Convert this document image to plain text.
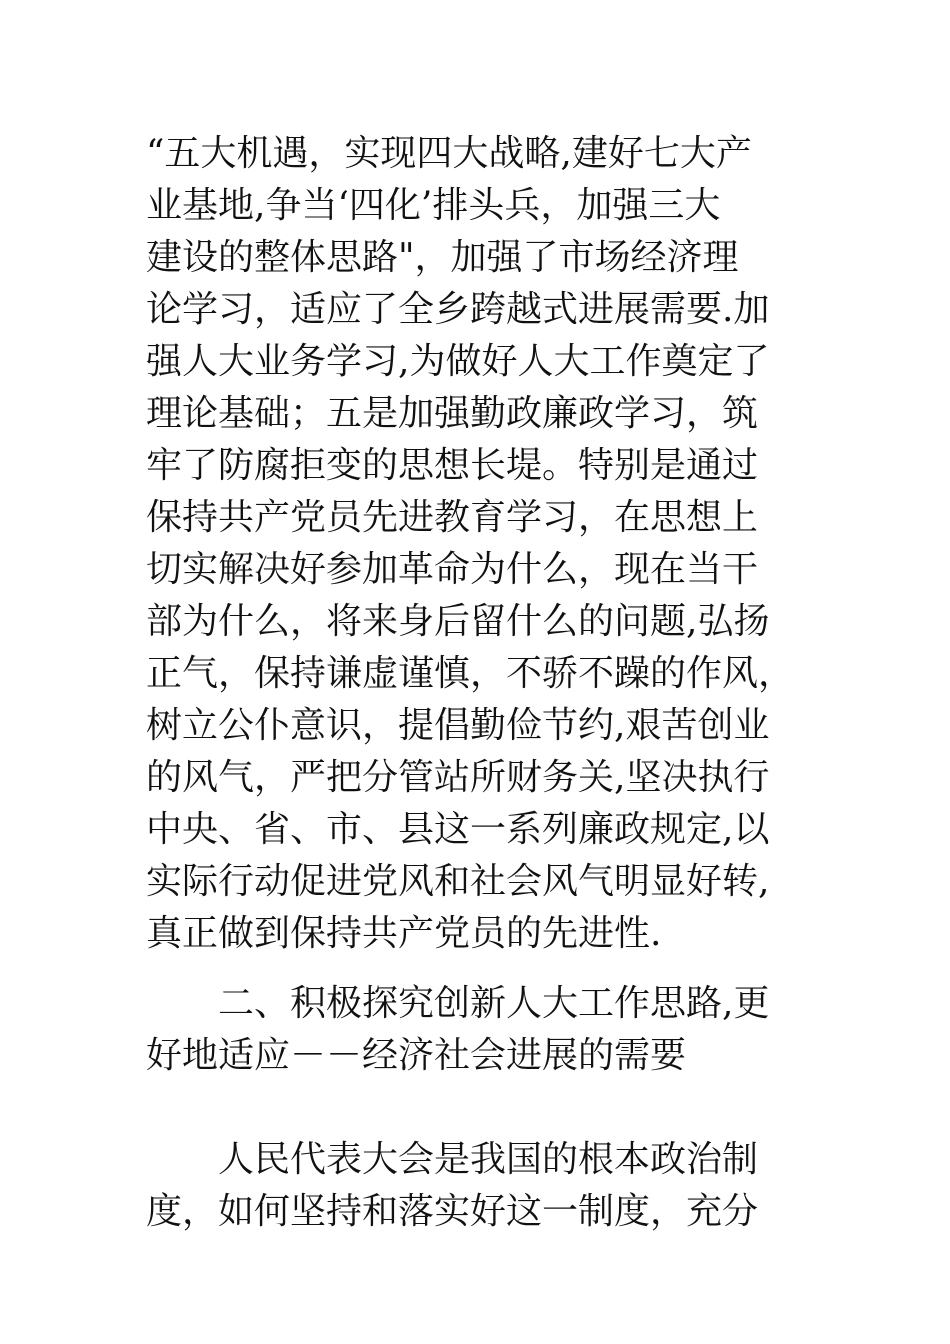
“五大机遇，实现四大战略,建好七大产
业基地,争当‘四化’排头兵，加强三大
建设的整体思路"，加强了市场经济理
论学习，适应了全乡跨越式进展需要.加
强人大业务学习,为做好人大工作奠定了
理论基础；五是加强勤政廉政学习，筑
牢了防腐拒变的思想长堤。特别是通过
保持共产党员先进教育学习，在思想上
切实解决好参加革命为什么，现在当干
部为什么，将来身后留什么的问题,弘扬
正气，保持谦虚谨慎，不骄不躁的作风，
树立公仆意识，提倡勤俭节约,艰苦创业
的风气，严把分管站所财务关,坚决执行
中央、省、市、县这一系列廉政规定,以
实际行动促进党风和社会风气明显好转,
真正做到保持共产党员的先进性.
　　二、积极探究创新人大工作思路,更
好地适应－－经济社会进展的需要
　　人民代表大会是我国的根本政治制
度，如何坚持和落实好这一制度，充分
